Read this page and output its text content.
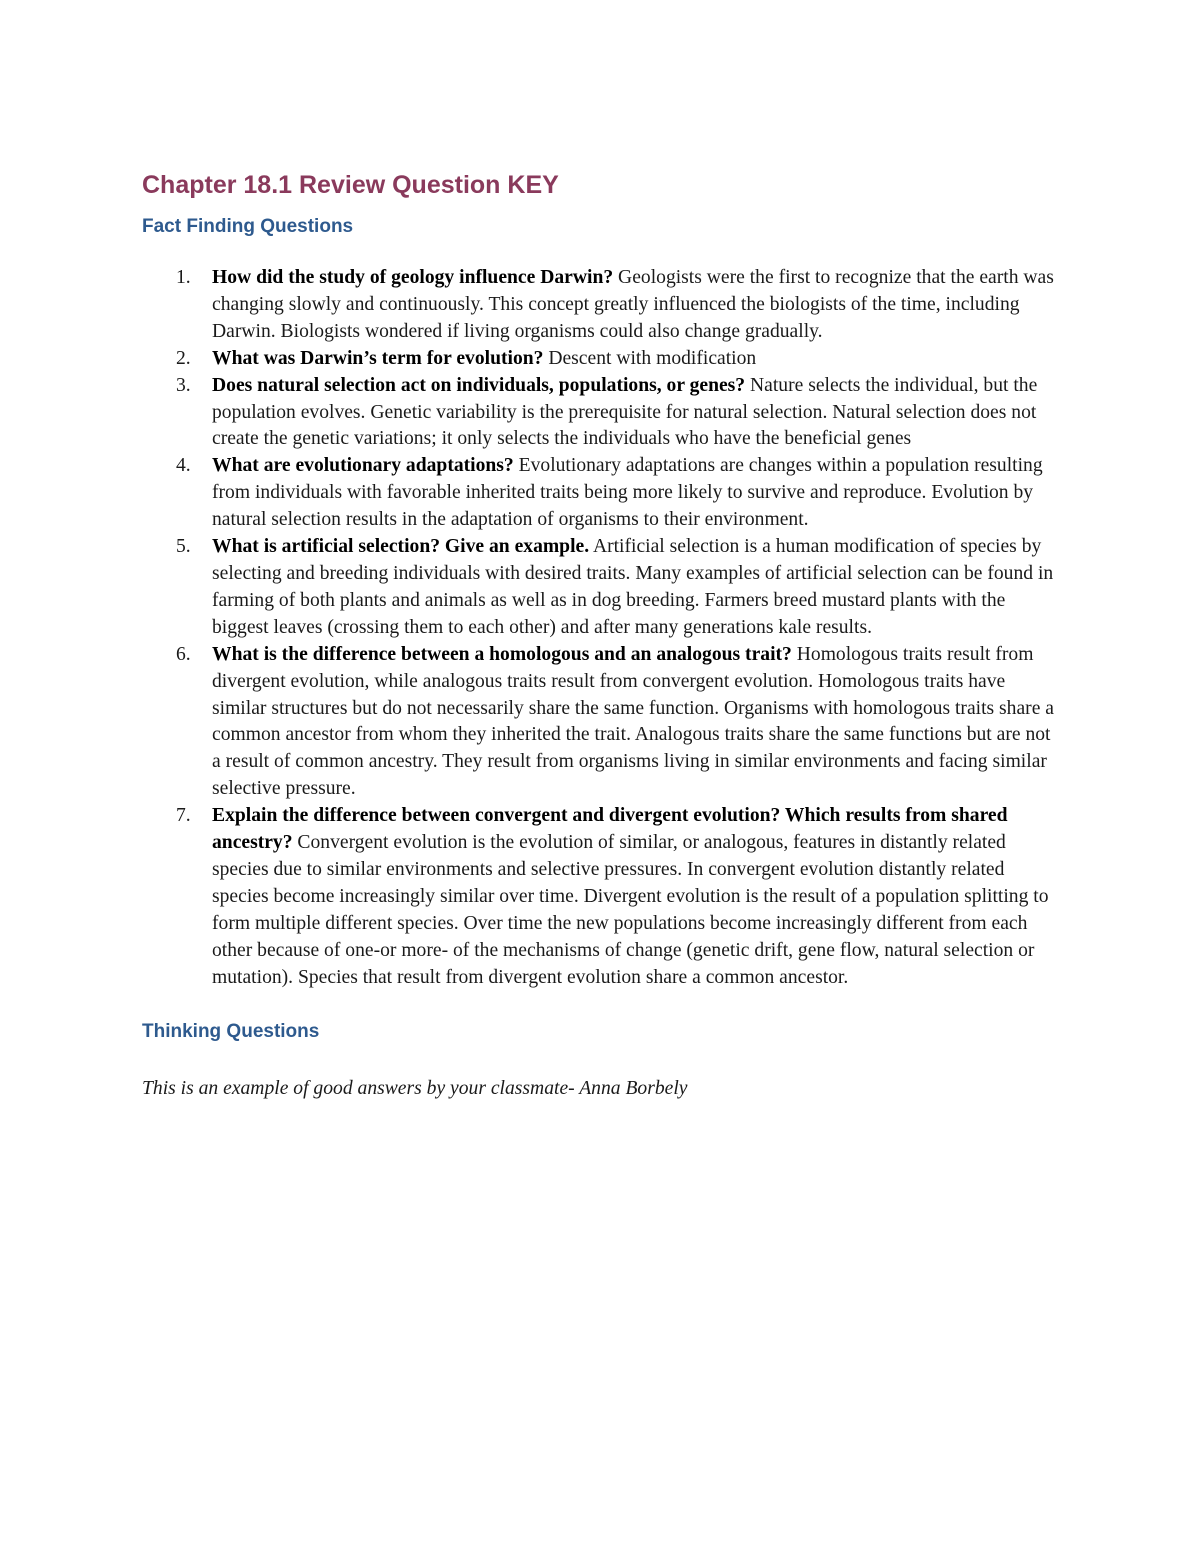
Chapter 18.1 Review Question KEY
Fact Finding Questions
1. How did the study of geology influence Darwin? Geologists were the first to recognize that the earth was changing slowly and continuously. This concept greatly influenced the biologists of the time, including Darwin. Biologists wondered if living organisms could also change gradually.
2. What was Darwin’s term for evolution? Descent with modification
3. Does natural selection act on individuals, populations, or genes? Nature selects the individual, but the population evolves. Genetic variability is the prerequisite for natural selection. Natural selection does not create the genetic variations; it only selects the individuals who have the beneficial genes
4. What are evolutionary adaptations? Evolutionary adaptations are changes within a population resulting from individuals with favorable inherited traits being more likely to survive and reproduce. Evolution by natural selection results in the adaptation of organisms to their environment.
5. What is artificial selection? Give an example. Artificial selection is a human modification of species by selecting and breeding individuals with desired traits. Many examples of artificial selection can be found in farming of both plants and animals as well as in dog breeding. Farmers breed mustard plants with the biggest leaves (crossing them to each other) and after many generations kale results.
6. What is the difference between a homologous and an analogous trait? Homologous traits result from divergent evolution, while analogous traits result from convergent evolution. Homologous traits have similar structures but do not necessarily share the same function. Organisms with homologous traits share a common ancestor from whom they inherited the trait. Analogous traits share the same functions but are not a result of common ancestry. They result from organisms living in similar environments and facing similar selective pressure.
7. Explain the difference between convergent and divergent evolution? Which results from shared ancestry? Convergent evolution is the evolution of similar, or analogous, features in distantly related species due to similar environments and selective pressures. In convergent evolution distantly related species become increasingly similar over time. Divergent evolution is the result of a population splitting to form multiple different species. Over time the new populations become increasingly different from each other because of one-or more- of the mechanisms of change (genetic drift, gene flow, natural selection or mutation). Species that result from divergent evolution share a common ancestor.
Thinking Questions

This is an example of good answers by your classmate- Anna Borbely
